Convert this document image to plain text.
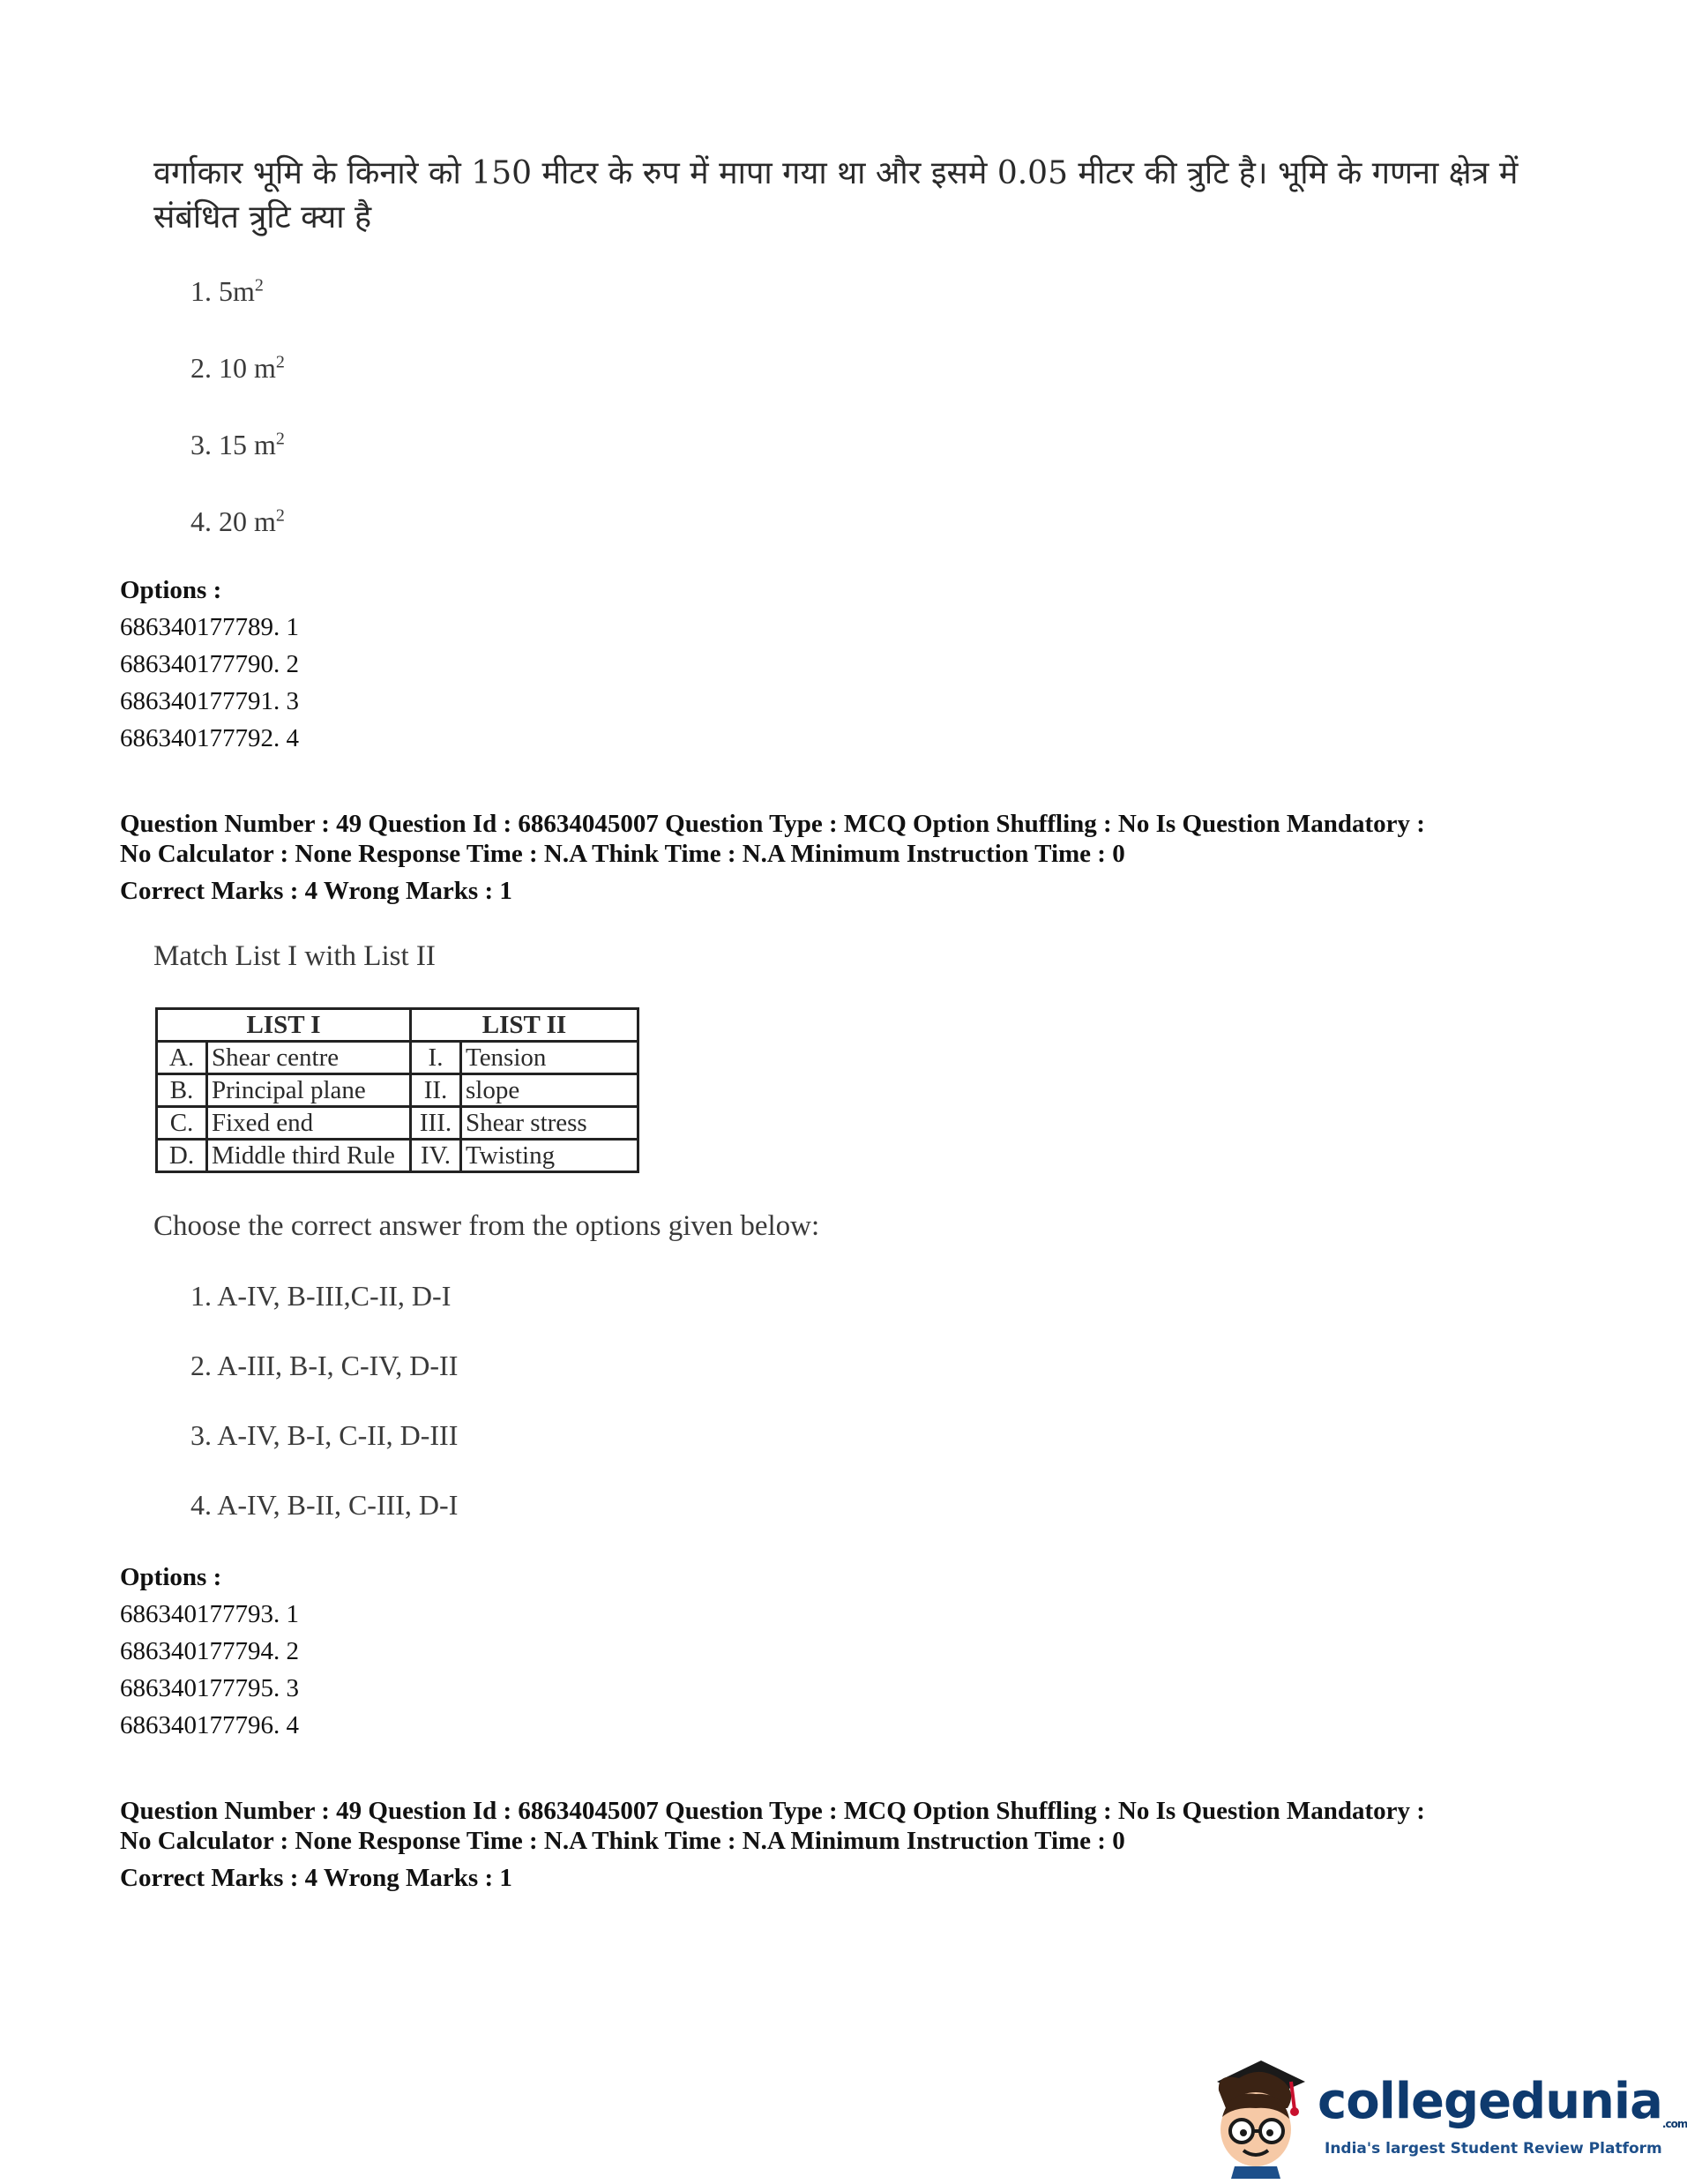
वर्गाकार भूमि के किनारे को 150 मीटर के रुप में मापा गया था और इसमे 0.05 मीटर की त्रुटि है। भूमि के गणना क्षेत्र में
संबंधित त्रुटि क्या है
1. $5m^2$
2. 10 $m^2$
3. 15 $m^2$
4. 20 $m^2$
Options :
686340177789. 1
686340177790. 2
686340177791. 3
686340177792. 4
Question Number : 49 Question Id : 68634045007 Question Type : MCQ Option Shuffling : No Is Question Mandatory :
No Calculator : None Response Time : N.A Think Time : N.A Minimum Instruction Time : 0
Correct Marks : 4 Wrong Marks : 1
Match List I with List II
LIST I		LIST II	
A.	Shear centre	I.	Tension
B.	Principal plane	II.	slope
C.	Fixed end	III.	Shear stress
D.	Middle third Rule	IV.	Twisting
Choose the correct answer from the options given below:
1. A-IV, B-III,C-II, D-I
2. A-III, B-I, C-IV, D-II
3. A-IV, B-I, C-II, D-III
4. A-IV, B-II, C-III, D-I
Options :
686340177793. 1
686340177794. 2
686340177795. 3
686340177796. 4
Question Number : 49 Question Id : 68634045007 Question Type : MCQ Option Shuffling : No Is Question Mandatory :
No Calculator : None Response Time : N.A Think Time : N.A Minimum Instruction Time : 0
Correct Marks : 4 Wrong Marks : 1
collegedunia.com
India's largest Student Review Platform
